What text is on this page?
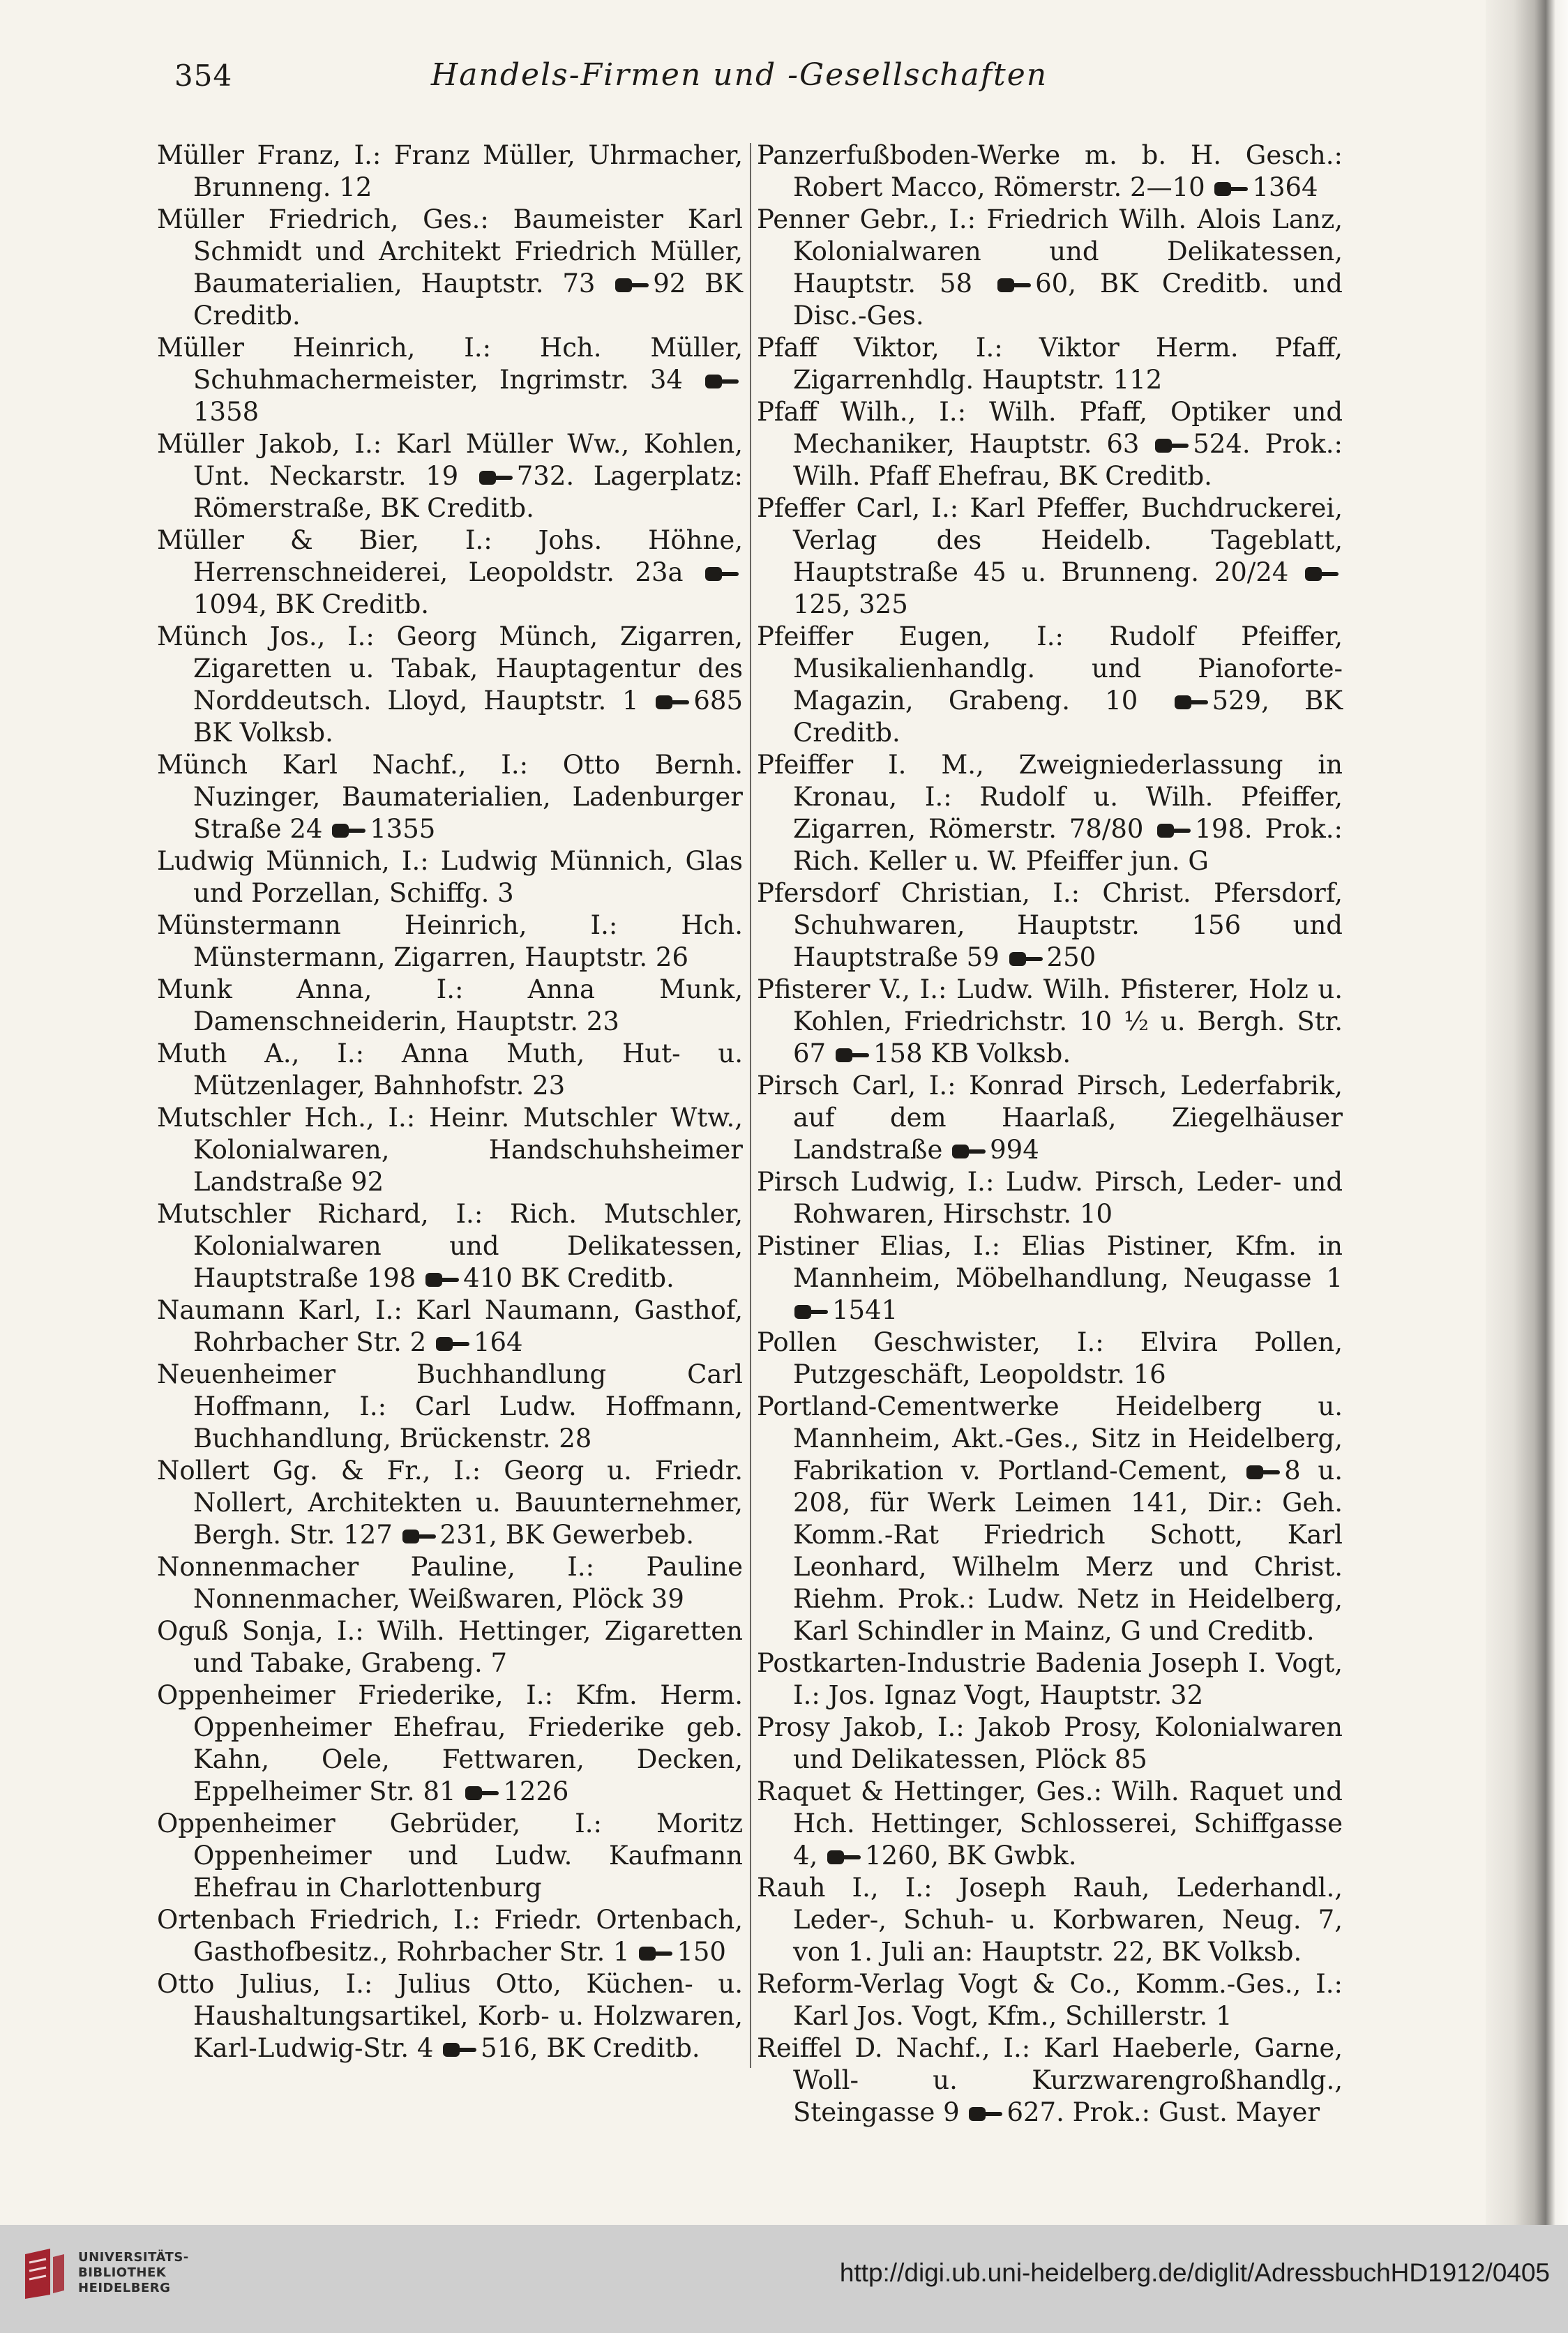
354	Handels-Firmen und -Gesellschaften

Müller Franz, I.: Franz Müller, Uhrmacher, Brunneng. 12

Müller Friedrich, Ges.: Baumeister Karl Schmidt und Architekt Friedrich Müller, Baumaterialien, Hauptstr. 73 92 BK Creditb.

Müller Heinrich, I.: Hch. Müller, Schuhmachermeister, Ingrimstr. 34 1358

Müller Jakob, I.: Karl Müller Ww., Kohlen, Unt. Neckarstr. 19 732. Lagerplatz: Römerstraße, BK Creditb.

Müller & Bier, I.: Johs. Höhne, Herrenschneiderei, Leopoldstr. 23a 1094, BK Creditb.

Münch Jos., I.: Georg Münch, Zigarren, Zigaretten u. Tabak, Hauptagentur des Norddeutsch. Lloyd, Hauptstr. 1 685 BK Volksb.

Münch Karl Nachf., I.: Otto Bernh. Nuzinger, Baumaterialien, Ladenburger Straße 24 1355

Ludwig Münnich, I.: Ludwig Münnich, Glas und Porzellan, Schiffg. 3

Münstermann Heinrich, I.: Hch. Münstermann, Zigarren, Hauptstr. 26

Munk Anna, I.: Anna Munk, Damenschneiderin, Hauptstr. 23

Muth A., I.: Anna Muth, Hut- u. Mützenlager, Bahnhofstr. 23

Mutschler Hch., I.: Heinr. Mutschler Wtw., Kolonialwaren, Handschuhsheimer Landstraße 92

Mutschler Richard, I.: Rich. Mutschler, Kolonialwaren und Delikatessen, Hauptstraße 198 410 BK Creditb.

Naumann Karl, I.: Karl Naumann, Gasthof, Rohrbacher Str. 2 164

Neuenheimer Buchhandlung Carl Hoffmann, I.: Carl Ludw. Hoffmann, Buchhandlung, Brückenstr. 28

Nollert Gg. & Fr., I.: Georg u. Friedr. Nollert, Architekten u. Bauunternehmer, Bergh. Str. 127 231, BK Gewerbeb.

Nonnenmacher Pauline, I.: Pauline Nonnenmacher, Weißwaren, Plöck 39

Oguß Sonja, I.: Wilh. Hettinger, Zigaretten und Tabake, Grabeng. 7

Oppenheimer Friederike, I.: Kfm. Herm. Oppenheimer Ehefrau, Friederike geb. Kahn, Oele, Fettwaren, Decken, Eppelheimer Str. 81 1226

Oppenheimer Gebrüder, I.: Moritz Oppenheimer und Ludw. Kaufmann Ehefrau in Charlottenburg

Ortenbach Friedrich, I.: Friedr. Ortenbach, Gasthofbesitz., Rohrbacher Str. 1 150

Otto Julius, I.: Julius Otto, Küchen- u. Haushaltungsartikel, Korb- u. Holzwaren, Karl-Ludwig-Str. 4 516, BK Creditb.

Panzerfußboden-Werke m. b. H. Gesch.: Robert Macco, Römerstr. 2—10 1364

Penner Gebr., I.: Friedrich Wilh. Alois Lanz, Kolonialwaren und Delikatessen, Hauptstr. 58 60, BK Creditb. und Disc.-Ges.

Pfaff Viktor, I.: Viktor Herm. Pfaff, Zigarrenhdlg. Hauptstr. 112

Pfaff Wilh., I.: Wilh. Pfaff, Optiker und Mechaniker, Hauptstr. 63 524. Prok.: Wilh. Pfaff Ehefrau, BK Creditb.

Pfeffer Carl, I.: Karl Pfeffer, Buchdruckerei, Verlag des Heidelb. Tageblatt, Hauptstraße 45 u. Brunneng. 20/24 125, 325

Pfeiffer Eugen, I.: Rudolf Pfeiffer, Musikalienhandlg. und Pianoforte-Magazin, Grabeng. 10	529, BK Creditb.

Pfeiffer I. M., Zweigniederlassung in Kronau, I.: Rudolf u. Wilh. Pfeiffer, Zigarren, Römerstr. 78/80 198. Prok.: Rich. Keller u. W. Pfeiffer jun. G

Pfersdorf Christian, I.: Christ. Pfersdorf, Schuhwaren, Hauptstr. 156 und Hauptstraße 59 250

Pfisterer V., I.: Ludw. Wilh. Pfisterer, Holz u. Kohlen, Friedrichstr. 10 ½ u. Bergh. Str. 67 158 KB Volksb.

Pirsch Carl, I.: Konrad Pirsch, Lederfabrik, auf dem Haarlaß, Ziegelhäuser Landstraße 994

Pirsch Ludwig, I.: Ludw. Pirsch, Leder- und Rohwaren, Hirschstr. 10

Pistiner Elias, I.: Elias Pistiner, Kfm. in Mannheim, Möbelhandlung, Neugasse 1 1541

Pollen Geschwister, I.: Elvira Pollen, Putzgeschäft, Leopoldstr. 16

Portland-Cementwerke Heidelberg u. Mannheim, Akt.-Ges., Sitz in Heidelberg, Fabrikation v. Portland-Cement, 8 u. 208, für Werk Leimen 141, Dir.: Geh. Komm.-Rat Friedrich Schott, Karl Leonhard, Wilhelm Merz und Christ. Riehm. Prok.: Ludw. Netz in Heidelberg, Karl Schindler in Mainz, G und Creditb.

Postkarten-Industrie Badenia Joseph I. Vogt, I.: Jos. Ignaz Vogt, Hauptstr. 32

Prosy Jakob, I.: Jakob Prosy, Kolonialwaren und Delikatessen, Plöck 85

Raquet & Hettinger, Ges.: Wilh. Raquet und Hch. Hettinger, Schlosserei, Schiffgasse 4, 1260, BK Gwbk.

Rauh I., I.: Joseph Rauh, Lederhandl., Leder-, Schuh- u. Korbwaren, Neug. 7, von 1. Juli an: Hauptstr. 22, BK Volksb.

Reform-Verlag Vogt & Co., Komm.-Ges., I.: Karl Jos. Vogt, Kfm., Schillerstr. 1

Reiffel D. Nachf., I.: Karl Haeberle, Garne, Woll- u. Kurzwarengroßhandlg., Steingasse 9 627. Prok.: Gust. Mayer

UNIVERSITÄTS-
BIBLIOTHEK
HEIDELBERG
http://digi.ub.uni-heidelberg.de/diglit/AdressbuchHD1912/0405
